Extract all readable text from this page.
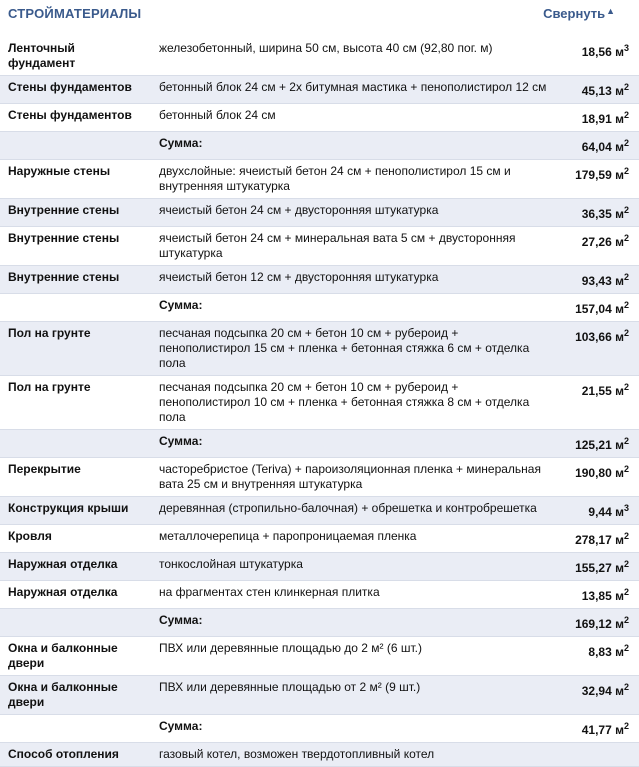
СТРОЙМАТЕРИАЛЫ	Свернуть▲
Ленточный фундамент	железобетонный, ширина 50 см, высота 40 см (92,80 пог. м)	18,56 $м^3$
Стены фундаментов	бетонный блок 24 см + 2х битумная мастика + пенополистирол 12 см	45,13 $м^2$
Стены фундаментов	бетонный блок 24 см	18,91 $м^2$
	Сумма:	64,04 $м^2$
Наружные стены	двухслойные: ячеистый бетон 24 см + пенополистирол 15 см и внутренняя штукатурка	179,59 $м^2$
Внутренние стены	ячеистый бетон 24 см + двусторонняя штукатурка	36,35 $м^2$
Внутренние стены	ячеистый бетон 24 см + минеральная вата 5 см + двусторонняя штукатурка	27,26 $м^2$
Внутренние стены	ячеистый бетон 12 см + двусторонняя штукатурка	93,43 $м^2$
	Сумма:	157,04 $м^2$
Пол на грунте	песчаная подсыпка 20 см + бетон 10 см + рубероид + пенополистирол 15 см + пленка + бетонная стяжка 6 см + отделка пола	103,66 $м^2$
Пол на грунте	песчаная подсыпка 20 см + бетон 10 см + рубероид + пенополистирол 10 см + пленка + бетонная стяжка 8 см + отделка пола	21,55 $м^2$
	Сумма:	125,21 $м^2$
Перекрытие	часторебристое (Teriva) + пароизоляционная пленка + минеральная вата 25 см и внутренняя штукатурка	190,80 $м^2$
Конструкция крыши	деревянная (стропильно-балочная) + обрешетка и контробрешетка	9,44 $м^3$
Кровля	металлочерепица + паропроницаемая пленка	278,17 $м^2$
Наружная отделка	тонкослойная штукатурка	155,27 $м^2$
Наружная отделка	на фрагментах стен клинкерная плитка	13,85 $м^2$
	Сумма:	169,12 $м^2$
Окна и балконные двери	ПВХ или деревянные площадью до 2 м² (6 шт.)	8,83 $м^2$
Окна и балконные двери	ПВХ или деревянные площадью от 2 м² (9 шт.)	32,94 $м^2$
	Сумма:	41,77 $м^2$
Способ отопления	газовый котел, возможен твердотопливный котел	
